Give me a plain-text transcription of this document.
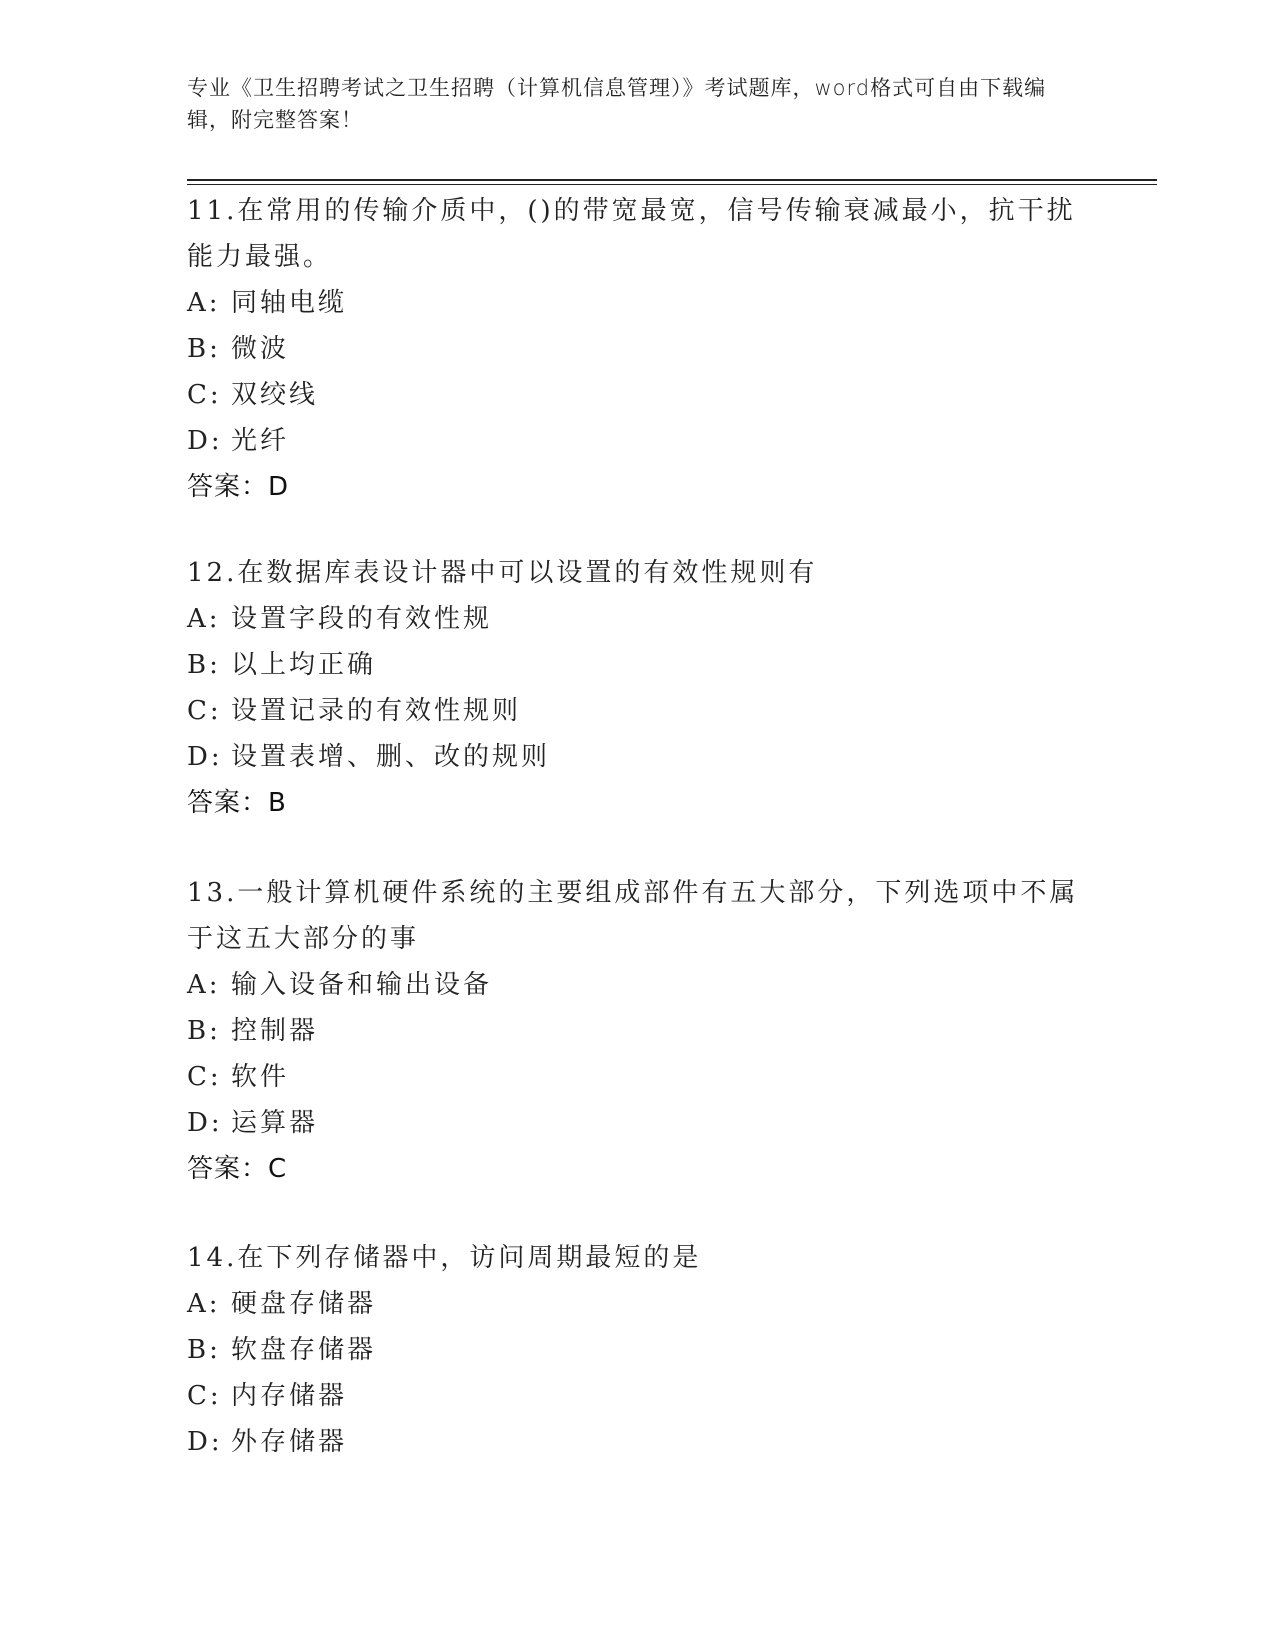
专业《卫生招聘考试之卫生招聘（计算机信息管理）》考试题库，word格式可自由下载编辑，附完整答案！

11.在常用的传输介质中，()的带宽最宽，信号传输衰减最小，抗干扰能力最强。

A: 同轴电缆
B: 微波
C: 双绞线
D: 光纤
答案：D

12.在数据库表设计器中可以设置的有效性规则有

A: 设置字段的有效性规
B: 以上均正确
C: 设置记录的有效性规则
D: 设置表增、删、改的规则
答案：B

13.一般计算机硬件系统的主要组成部件有五大部分，下列选项中不属于这五大部分的事

A: 输入设备和输出设备
B: 控制器
C: 软件
D: 运算器
答案：C

14.在下列存储器中，访问周期最短的是

A: 硬盘存储器
B: 软盘存储器
C: 内存储器
D: 外存储器
